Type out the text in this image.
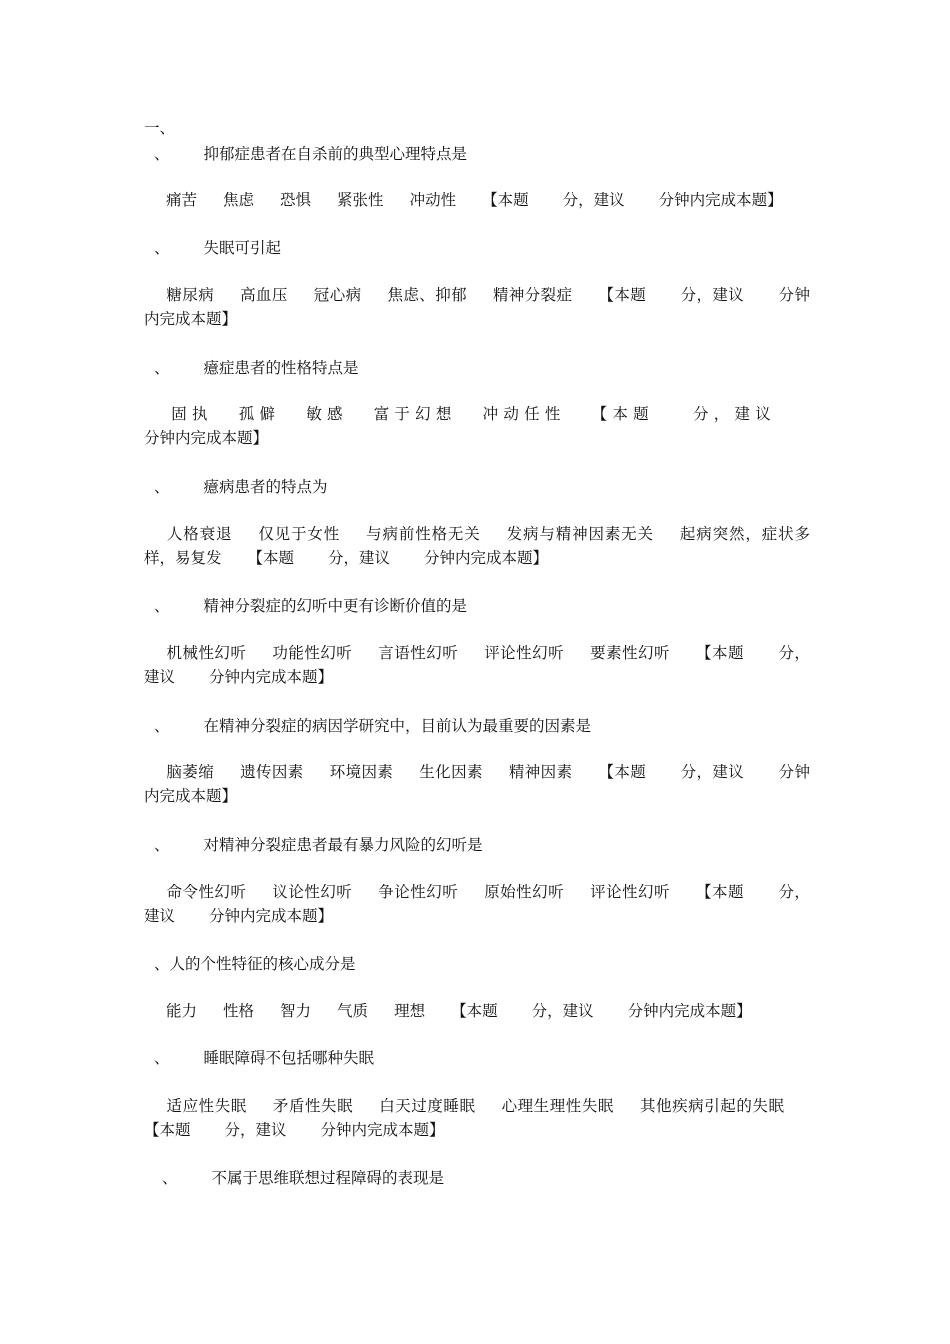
一、

、 抑郁症患者在自杀前的典型心理特点是

痛苦 焦虑 恐惧 紧张性 冲动性 【本题 分，建议 分钟内完成本题】

、 失眠可引起

糖尿病 高血压 冠心病 焦虑、抑郁 精神分裂症 【本题 分，建议 分钟内完成本题】

、 癔症患者的性格特点是

固执 孤僻 敏感 富于幻想 冲动任性 【本题 分，建议分钟内完成本题】

、 癔病患者的特点为

人格衰退 仅见于女性 与病前性格无关 发病与精神因素无关 起病突然，症状多样，易复发 【本题 分，建议 分钟内完成本题】

、 精神分裂症的幻听中更有诊断价值的是

机械性幻听 功能性幻听 言语性幻听 评论性幻听 要素性幻听 【本题 分，建议 分钟内完成本题】

、 在精神分裂症的病因学研究中，目前认为最重要的因素是

脑萎缩 遗传因素 环境因素 生化因素 精神因素 【本题 分，建议 分钟内完成本题】

、 对精神分裂症患者最有暴力风险的幻听是

命令性幻听 议论性幻听 争论性幻听 原始性幻听 评论性幻听 【本题 分，建议 分钟内完成本题】

、人的个性特征的核心成分是

能力 性格 智力 气质 理想 【本题 分，建议 分钟内完成本题】

、 睡眠障碍不包括哪种失眠

适应性失眠 矛盾性失眠 白天过度睡眠 心理生理性失眠 其他疾病引起的失眠【本题 分，建议 分钟内完成本题】

、 不属于思维联想过程障碍的表现是
